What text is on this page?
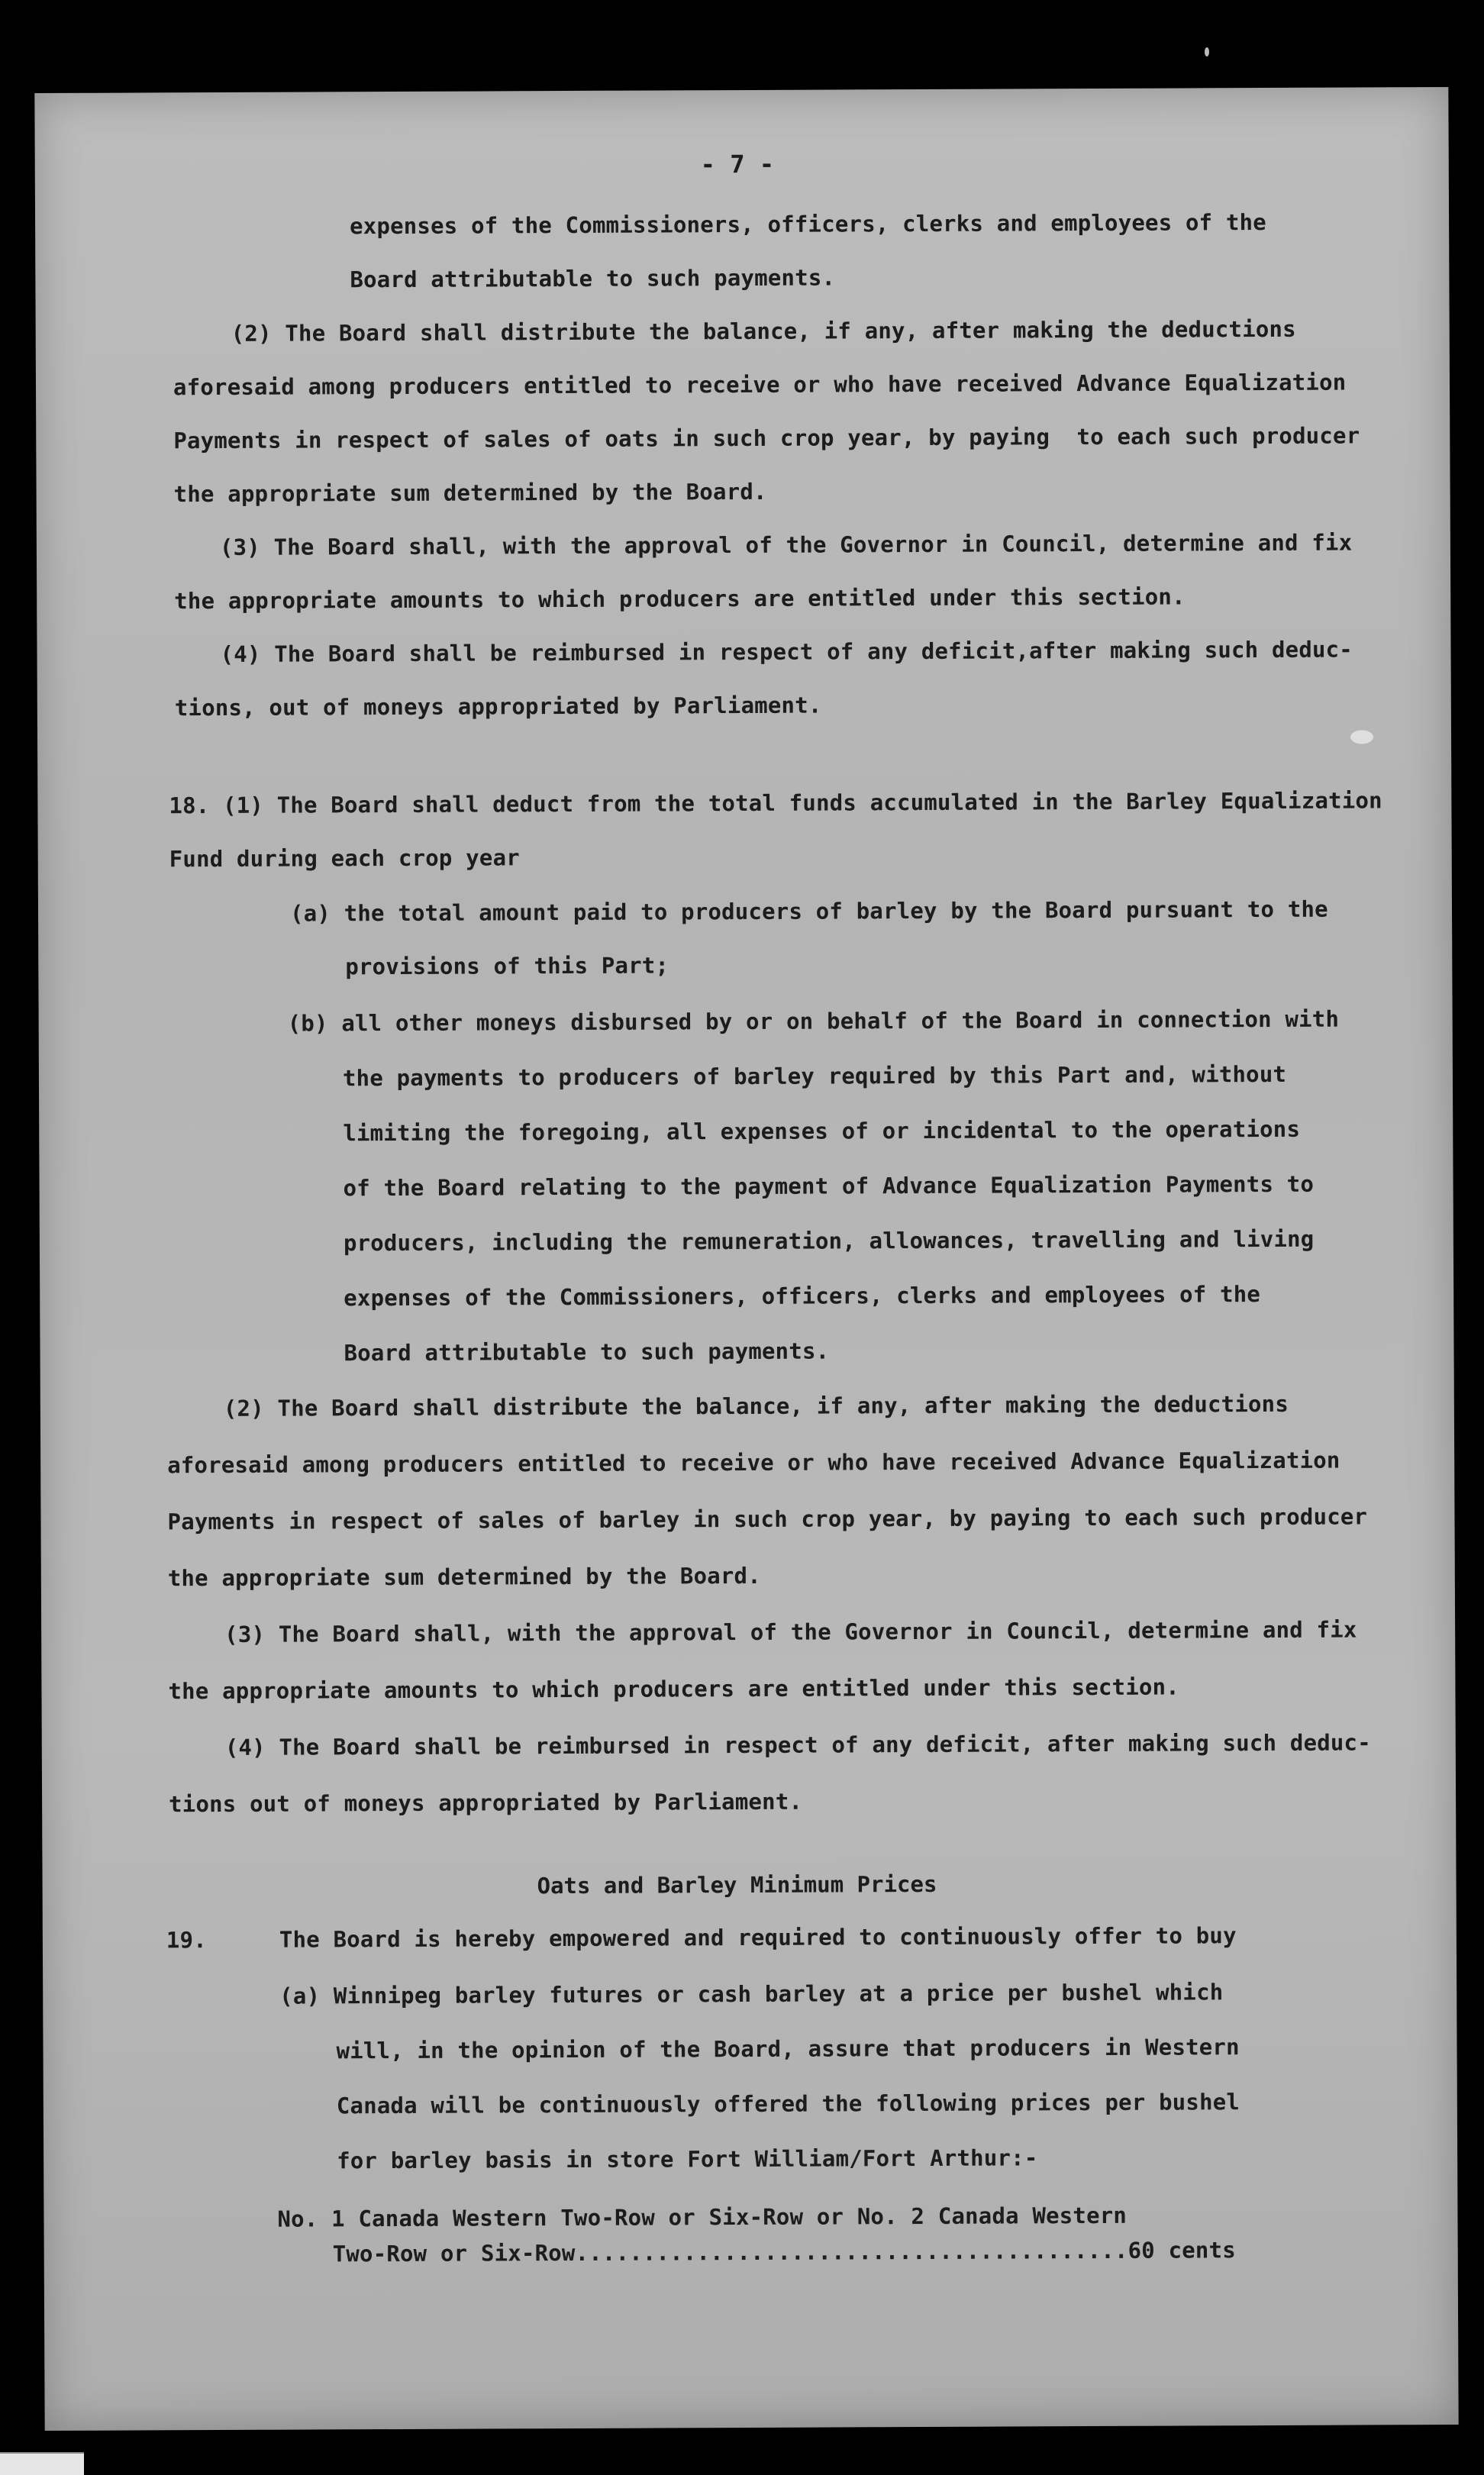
- 7 -
expenses of the Commissioners, officers, clerks and employees of the
Board attributable to such payments.
(2) The Board shall distribute the balance, if any, after making the deductions
aforesaid among producers entitled to receive or who have received Advance Equalization
Payments in respect of sales of oats in such crop year, by paying  to each such producer
the appropriate sum determined by the Board.
(3) The Board shall, with the approval of the Governor in Council, determine and fix
the appropriate amounts to which producers are entitled under this section.
(4) The Board shall be reimbursed in respect of any deficit,after making such deduc-
tions, out of moneys appropriated by Parliament.
18. (1) The Board shall deduct from the total funds accumulated in the Barley Equalization
Fund during each crop year
(a) the total amount paid to producers of barley by the Board pursuant to the
provisions of this Part;
(b) all other moneys disbursed by or on behalf of the Board in connection with
the payments to producers of barley required by this Part and, without
limiting the foregoing, all expenses of or incidental to the operations
of the Board relating to the payment of Advance Equalization Payments to
producers, including the remuneration, allowances, travelling and living
expenses of the Commissioners, officers, clerks and employees of the
Board attributable to such payments.
(2) The Board shall distribute the balance, if any, after making the deductions
aforesaid among producers entitled to receive or who have received Advance Equalization
Payments in respect of sales of barley in such crop year, by paying to each such producer
the appropriate sum determined by the Board.
(3) The Board shall, with the approval of the Governor in Council, determine and fix
the appropriate amounts to which producers are entitled under this section.
(4) The Board shall be reimbursed in respect of any deficit, after making such deduc-
tions out of moneys appropriated by Parliament.
Oats and Barley Minimum Prices
19.	The Board is hereby empowered and required to continuously offer to buy
(a) Winnipeg barley futures or cash barley at a price per bushel which
will, in the opinion of the Board, assure that producers in Western
Canada will be continuously offered the following prices per bushel
for barley basis in store Fort William/Fort Arthur:-
No. 1 Canada Western Two-Row or Six-Row or No. 2 Canada Western
Two-Row or Six-Row.........................................60 cents
